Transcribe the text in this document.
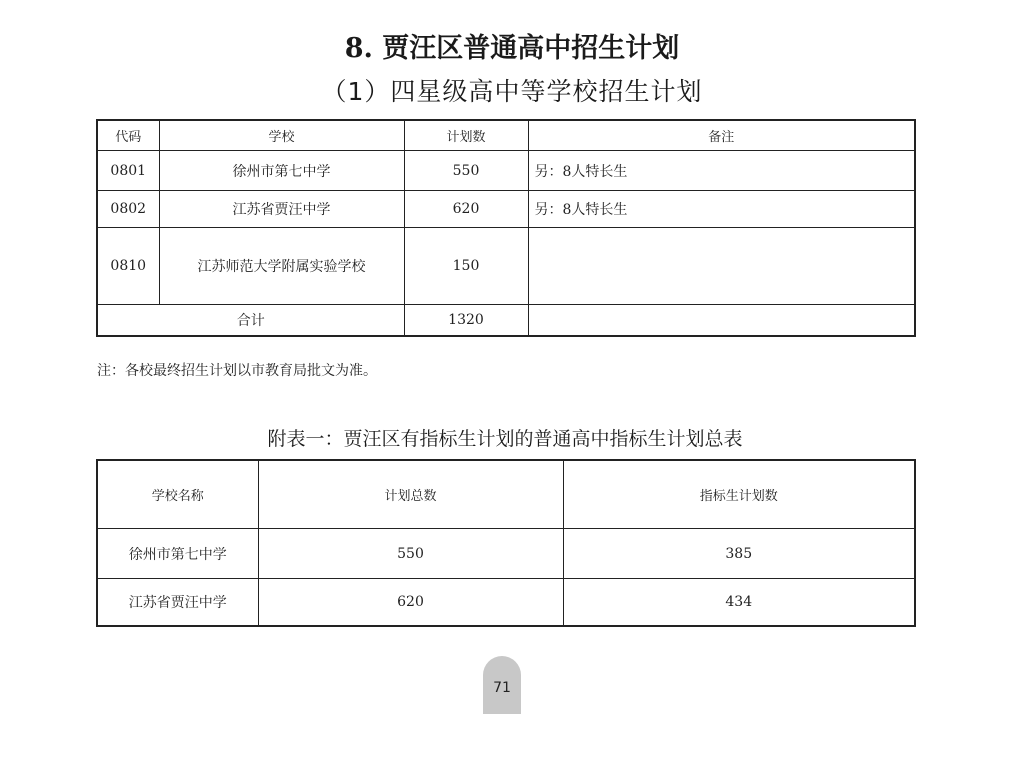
8. 贾汪区普通高中招生计划
（1）四星级高中等学校招生计划
代码	学校	计划数	备注
0801	徐州市第七中学	550	另：8人特长生
0802	江苏省贾汪中学	620	另：8人特长生
0810	江苏师范大学附属实验学校	150	
合计		1320	
注：各校最终招生计划以市教育局批文为准。
附表一：贾汪区有指标生计划的普通高中指标生计划总表
学校名称	计划总数	指标生计划数
徐州市第七中学	550	385
江苏省贾汪中学	620	434
71
